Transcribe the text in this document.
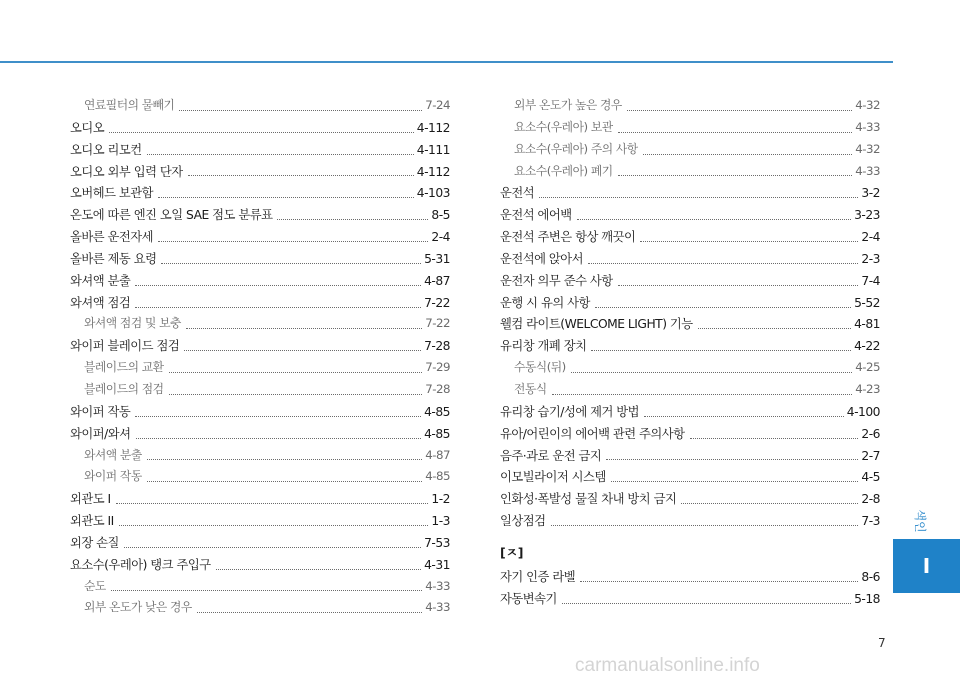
연료필터의 물빼기	7-24
오디오	4-112
오디오 리모컨	4-111
오디오 외부 입력 단자	4-112
오버헤드 보관함	4-103
온도에 따른 엔진 오일 SAE 점도 분류표	8-5
올바른 운전자세	2-4
올바른 제동 요령	5-31
와셔액 분출	4-87
와셔액 점검	7-22
와셔액 점검 및 보충	7-22
와이퍼 블레이드 점검	7-28
블레이드의 교환	7-29
블레이드의 점검	7-28
와이퍼 작동	4-85
와이퍼/와셔	4-85
와셔액 분출	4-87
와이퍼 작동	4-85
외관도 I	1-2
외관도 II	1-3
외장 손질	7-53
요소수(우레아) 탱크 주입구	4-31
순도	4-33
외부 온도가 낮은 경우	4-33
외부 온도가 높은 경우	4-32
요소수(우레아) 보관	4-33
요소수(우레아) 주의 사항	4-32
요소수(우레아) 폐기	4-33
운전석	3-2
운전석 에어백	3-23
운전석 주변은 항상 깨끗이	2-4
운전석에 앉아서	2-3
운전자 의무 준수 사항	7-4
운행 시 유의 사항	5-52
웰컴 라이트(WELCOME LIGHT) 기능	4-81
유리창 개폐 장치	4-22
수동식(뒤)	4-25
전동식	4-23
유리창 습기/성에 제거 방법	4-100
유아/어린이의 에어백 관련 주의사항	2-6
음주·과로 운전 금지	2-7
이모빌라이저 시스템	4-5
인화성·폭발성 물질 차내 방치 금지	2-8
일상점검	7-3
[ㅈ]
자기 인증 라벨	8-6
자동변속기	5-18
색인
I
7
carmanualsonline.info
